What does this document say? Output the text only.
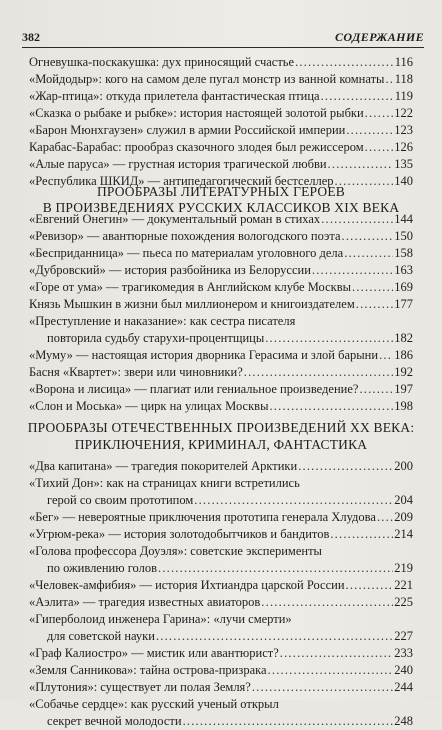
382	СОДЕРЖАНИЕ
ПРООБРАЗЫ ЛИТЕРАТУРНЫХ ГЕРОЕВ
В ПРОИЗВЕДЕНИЯХ РУССКИХ КЛАССИКОВ XIX ВЕКА
ПРООБРАЗЫ ОТЕЧЕСТВЕННЫХ ПРОИЗВЕДЕНИЙ XX ВЕКА:
ПРИКЛЮЧЕНИЯ, КРИМИНАЛ, ФАНТАСТИКА
Огневушка-поскакушка: дух приносящий счастье .....	116
«Мойдодыр»: кого на самом деле пугал монстр из ванной комнаты ..... 118
«Жар-птица»: откуда прилетела фантастическая птица .....	119
«Сказка о рыбаке и рыбке»: история настоящей золотой рыбки ..... 122
«Барон Мюнхгаузен» служил в армии Российской империи .....	123
Карабас-Барабас: прообраз сказочного злодея был режиссером ..... 126
«Алые паруса» — грустная история трагической любви .....	135
«Республика ШКИД» — антипедагогический бестселлер .....	140
«Евгений Онегин» — документальный роман в стихах .....	144
«Ревизор» — авантюрные похождения вологодского поэта .....	150
«Бесприданница» — пьеса по материалам уголовного дела .....	158
«Дубровский» — история разбойника из Белоруссии .....	163
«Горе от ума» — трагикомедия в Английском клубе Москвы .....	169
Князь Мышкин в жизни был миллионером и книгоиздателем .....	177
«Преступление и наказание»: как сестра писателя
повторила судьбу старухи-процентщицы .....	182
«Муму» — настоящая история дворника Герасима и злой барыни ..... 186
Басня «Квартет»: звери или чиновники? .....	192
«Ворона и лисица» — плагиат или гениальное произведение? .....	197
«Слон и Моська» — цирк на улицах Москвы .....	198
«Два капитана» — трагедия покорителей Арктики .....	200
«Тихий Дон»: как на страницах книги встретились
герой со своим прототипом .....	204
«Бег» — невероятные приключения прототипа генерала Хлудова ..... 209
«Угрюм-река» — история золотодобытчиков и бандитов .....	214
«Голова профессора Доуэля»: советские эксперименты
по оживлению голов .....	219
«Человек-амфибия» — история Ихтиандра царской России .....	221
«Аэлита» — трагедия известных авиаторов .....	225
«Гиперболоид инженера Гарина»: «лучи смерти»
для советской науки .....	227
«Граф Калиостро» — мистик или авантюрист? .....	233
«Земля Санникова»: тайна острова-призрака .....	240
«Плутония»: существует ли полая Земля? .....	244
«Собачье сердце»: как русский ученый открыл
секрет вечной молодости .....	248
